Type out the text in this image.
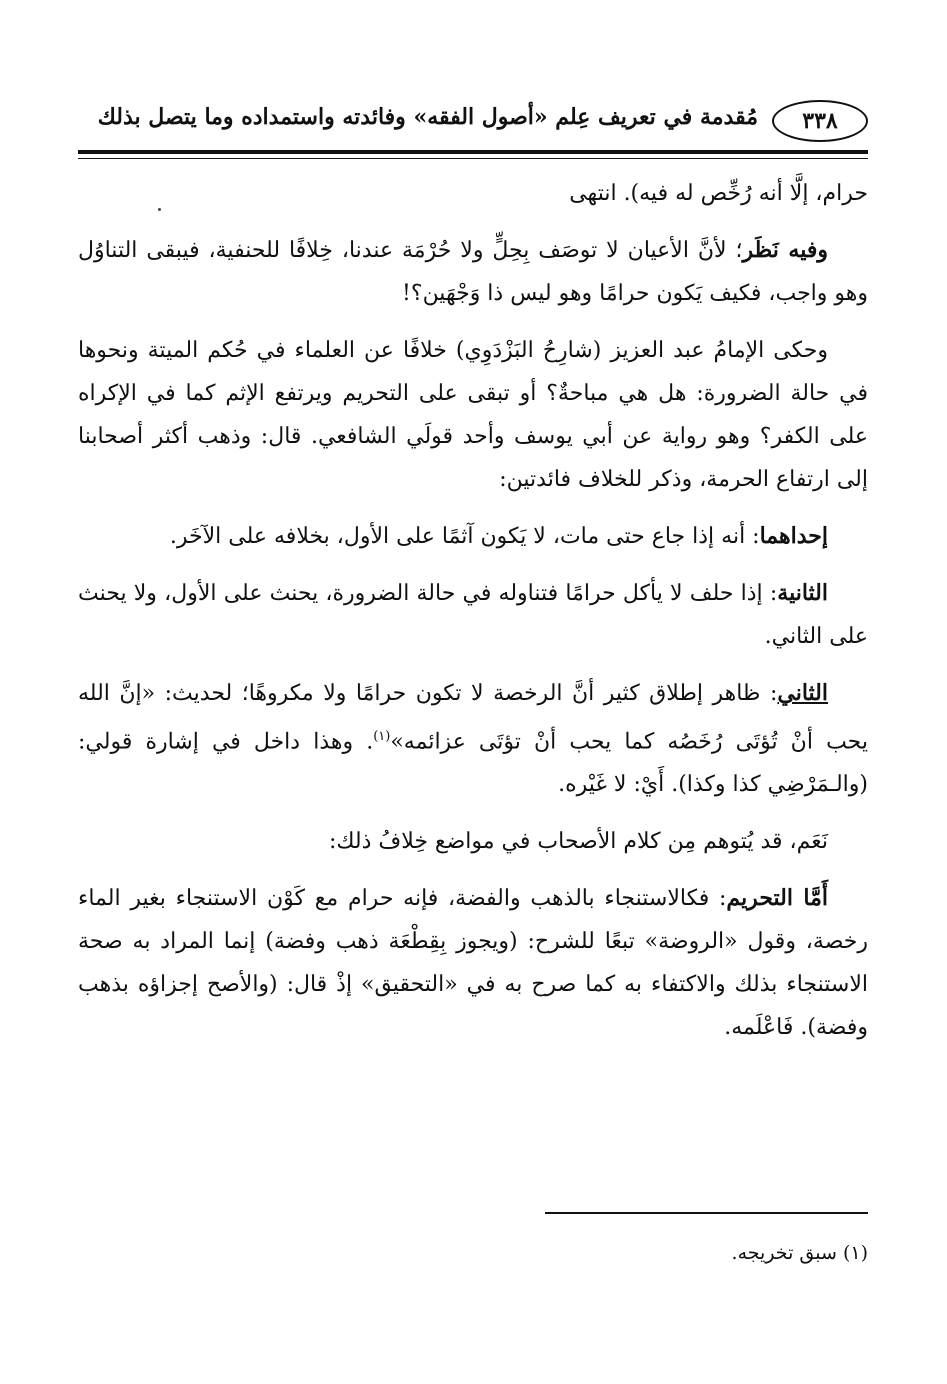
٣٣٨
مُقدمة في تعريف عِلم «أصول الفقه» وفائدته واستمداده وما يتصل بذلك

حرام، إلَّا أنه رُخِّص له فيه). انتهى

وفيه نَظَر؛ لأنَّ الأعيان لا توصَف بِحِلٍّ ولا حُرْمَة عندنا، خِلافًا للحنفية، فيبقى التناوُل وهو واجب، فكيف يَكون حرامًا وهو ليس ذا وَجْهَين؟!

وحكى الإمامُ عبد العزيز (شارِحُ البَزْدَوِي) خلافًا عن العلماء في حُكم الميتة ونحوها في حالة الضرورة: هل هي مباحةٌ؟ أو تبقى على التحريم ويرتفع الإثم كما في الإكراه على الكفر؟ وهو رواية عن أبي يوسف وأحد قولَي الشافعي. قال: وذهب أكثر أصحابنا إلى ارتفاع الحرمة، وذكر للخلاف فائدتين:

إحداهما: أنه إذا جاع حتى مات، لا يَكون آثمًا على الأول، بخلافه على الآخَر.

الثانية: إذا حلف لا يأكل حرامًا فتناوله في حالة الضرورة، يحنث على الأول، ولا يحنث على الثاني.

الثاني: ظاهر إطلاق كثير أنَّ الرخصة لا تكون حرامًا ولا مكروهًا؛ لحديث: «إنَّ الله يحب أنْ تُؤتَى رُخَصُه كما يحب أنْ تؤتَى عزائمه»$^{(١)}$. وهذا داخل في إشارة قولي: (والـمَرْضِي كذا وكذا). أَيْ: لا غَيْره.

نَعَم، قد يُتوهم مِن كلام الأصحاب في مواضع خِلافُ ذلك:

أَمَّا التحريم: فكالاستنجاء بالذهب والفضة، فإنه حرام مع كَوْن الاستنجاء بغير الماء رخصة، وقول «الروضة» تبعًا للشرح: (ويجوز بِقِطْعَة ذهب وفضة) إنما المراد به صحة الاستنجاء بذلك والاكتفاء به كما صرح به في «التحقيق» إذْ قال: (والأصح إجزاؤه بذهب وفضة). فَاعْلَمه.

(١) سبق تخريجه.
